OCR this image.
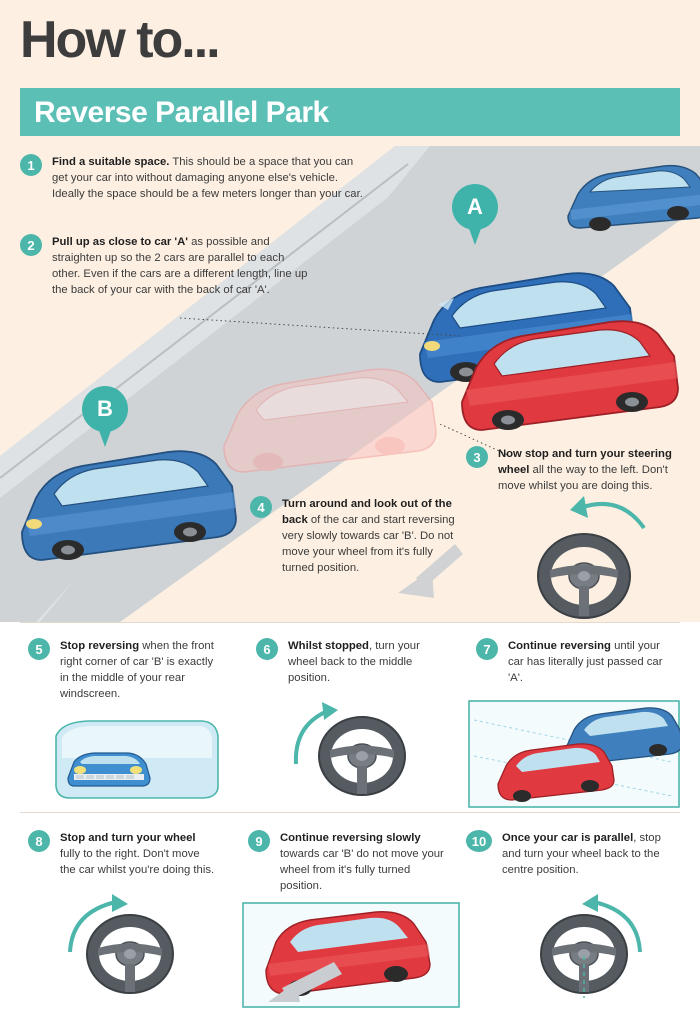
How to...
Reverse Parallel Park
A
B
1	Find a suitable space. This should be a space that you can get your car into without damaging anyone else's vehicle. Ideally the space should be a few meters longer than your car.
2	Pull up as close to car 'A' as possible and straighten up so the 2 cars are parallel to each other. Even if the cars are a different length, line up the back of your car with the back of car 'A'.
3	Now stop and turn your steering wheel all the way to the left. Don't move whilst you are doing this.
4	Turn around and look out of the back of the car and start reversing very slowly towards car 'B'. Do not move your wheel from it's fully turned position.
5	Stop reversing when the front right corner of car 'B' is exactly in the middle of your rear windscreen.
6	Whilst stopped, turn your wheel back to the middle position.
7	Continue reversing until your car has literally just passed car 'A'.
8	Stop and turn your wheel fully to the right. Don't move the car whilst you're doing this.
9	Continue reversing slowly towards car 'B' do not move your wheel from it's fully turned position.
10	Once your car is parallel, stop and turn your wheel back to the centre position.
